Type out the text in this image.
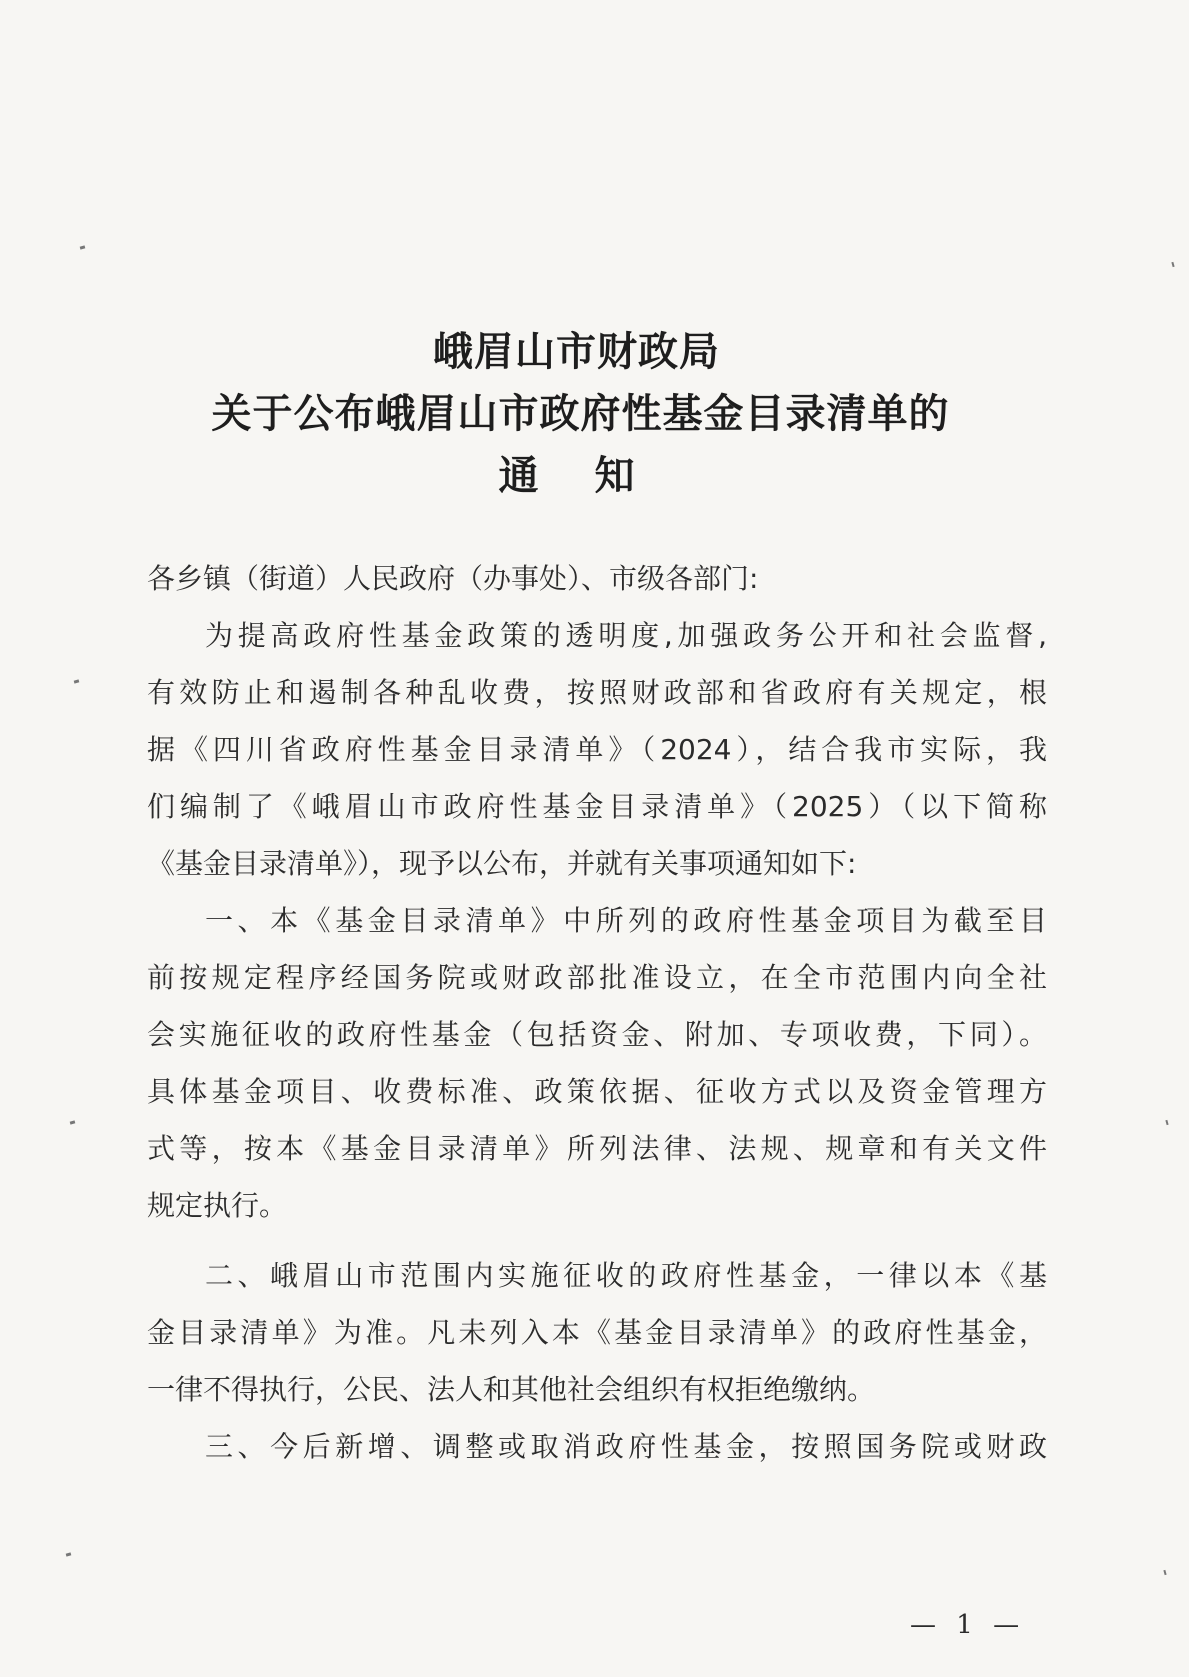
峨眉山市财政局
关于公布峨眉山市政府性基金目录清单的
通知
各乡镇（街道）人民政府（办事处）、市级各部门:
为提高政府性基金政策的透明度,加强政务公开和社会监督,
有效防止和遏制各种乱收费，按照财政部和省政府有关规定，根
据《四川省政府性基金目录清单》（2024），结合我市实际，我
们编制了《峨眉山市政府性基金目录清单》（2025）（以下简称
《基金目录清单》），现予以公布，并就有关事项通知如下:
一、本《基金目录清单》中所列的政府性基金项目为截至目
前按规定程序经国务院或财政部批准设立，在全市范围内向全社
会实施征收的政府性基金（包括资金、附加、专项收费，下同）。
具体基金项目、收费标准、政策依据、征收方式以及资金管理方
式等，按本《基金目录清单》所列法律、法规、规章和有关文件
规定执行。
二、峨眉山市范围内实施征收的政府性基金，一律以本《基
金目录清单》为准。凡未列入本《基金目录清单》的政府性基金，
一律不得执行，公民、法人和其他社会组织有权拒绝缴纳。
三、今后新增、调整或取消政府性基金，按照国务院或财政
— 1 —
